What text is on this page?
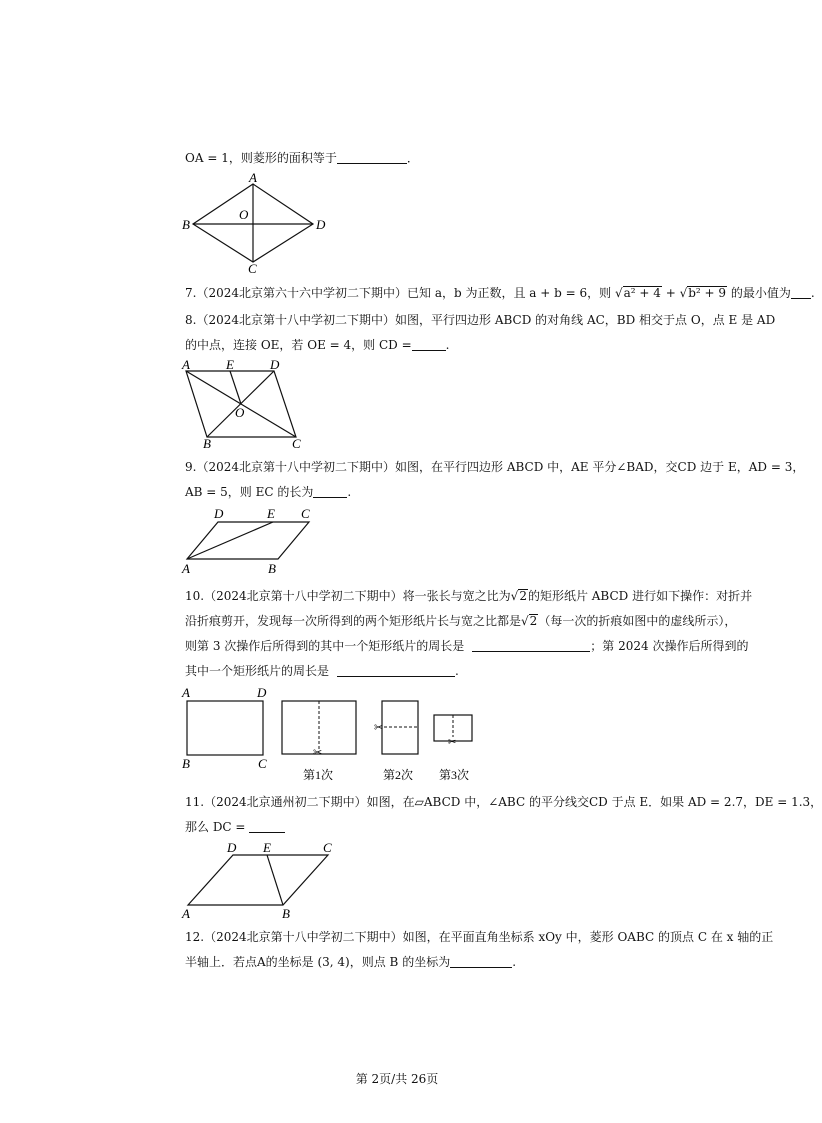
OA = 1，则菱形的面积等于	．
A
B
O
D
C
7.（2024北京第六十六中学初二下期中）已知 a，b 为正数，且 a + b = 6，则 √a² + 4 + √b² + 9 的最小值为 .
8.（2024北京第十八中学初二下期中）如图，平行四边形 ABCD 的对角线 AC，BD 相交于点 O，点 E 是 AD
的中点，连接 OE，若 OE = 4，则 CD =	.
A	E	D
O
B	C
9.（2024北京第十八中学初二下期中）如图，在平行四边形 ABCD 中，AE 平分∠BAD，交CD 边于 E，AD = 3，
AB = 5，则 EC 的长为	.
D	E C
A	B
10.（2024北京第十八中学初二下期中）将一张长与宽之比为√2的矩形纸片 ABCD 进行如下操作：对折并
沿折痕剪开，发现每一次所得到的两个矩形纸片长与宽之比都是√2（每一次的折痕如图中的虚线所示），
则第 3 次操作后所得到的其中一个矩形纸片的周长是	；第 2024 次操作后所得到的
其中一个矩形纸片的周长是	.
A	D
B	C
✂
✂
✂
第1次	第2次 第3次
11.（2024北京通州初二下期中）如图，在▱ABCD 中，∠ABC 的平分线交CD 于点 E．如果 AD = 2.7，DE = 1.3，
那么 DC =
D E	C
A	B
12.（2024北京第十八中学初二下期中）如图，在平面直角坐标系 xOy 中，菱形 OABC 的顶点 C 在 x 轴的正
半轴上．若点A的坐标是 (3, 4)，则点 B 的坐标为	.
第 2页/共 26页
